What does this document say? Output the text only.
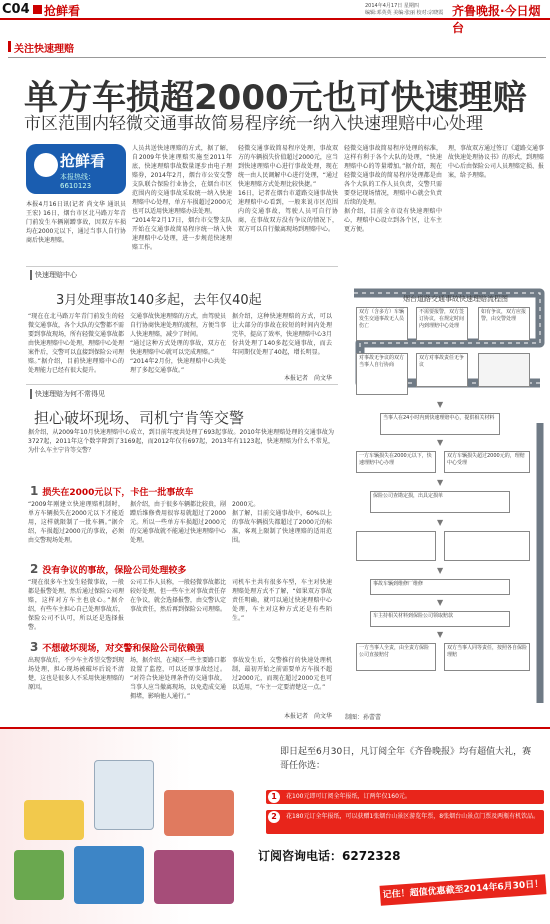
C04 抢鲜看	2014年4月17日 星期四
编辑:邓英英 美编:张丽 校对:宗晓霞 齐鲁晚报·今日烟台
关注快速理赔
单方车损超2000元也可快速理赔
市区范围内轻微交通事故简易程序统一纳入快速理赔中心处理
抢鲜看
本报热线：6610123
本报4月16日讯(记者 尚文华 通讯员 王宏) 16日，烟台市区北马路万年青门前发生车辆剐蹭事故，因双方车损均在2000元以下，通过当事人自行协商后快速理赔。
人员共送快速理赔的方式，据了解，自2009年快速理赔实施至2011年底，快速理赔事故数量逐步由电子理赔券，2014年2月，烟台市公安交警支队联合保险行业协会，在烟台市区范围内的交通事故采取统一纳入快速理赔中心处理，单方车损超过2000元也可以适用快速理赔办法处理。
“2014年2月17日，烟台市交警支队开始在交通事故简易程序统一纳入快速理赔中心处理，进一步规范快速理赔工作。
轻微交通事故简易程序处理，事故双方的车辆损失价值超过2000元，应当到快速理赔中心进行事故处理，现在统一由人民调解中心进行处理，“通过快速理赔方式处理比较快捷。”
16日，记者在烟台市道路交通事故快速理赔中心看到，一般来说市区范围内的交通事故，驾驶人员可自行协商，在事故双方没有争议的情况下，双方可以自行撤离现场到理赔中心。
轻微交通事故简易程序处理的标准，这样有利于各个大队的处理，“快速理赔中心的等量增加。”据介绍，现在轻微交通事故的简易程序处理都是由各个大队的工作人员负责，交警只需要登记现场情况，理赔中心就会负责后续的处理。
据介绍，目前全市设有快速理赔中心，理赔中心设立到各个区，让车主更方便。
理，事故双方通过签订《道路交通事故快速处理协议书》的形式，到理赔中心后由保险公司人员理赔定损、报案，给予理赔。
快速理赔中心
3月处理事故140多起，去年仅40起
“现在在北马路万年青门前发生的轻微交通事故，各个大队的交警都不需要到事故现场，所有轻微交通事故都由快速理赔中心处理，理赔中心处理案件后，交警可以直接到保险公司理赔。”据介绍，目前快速理赔中心的处理能力已经有很大提升。
交通事故快速理赔的方式，由驾驶员自行协商快速处理的流程，方便当事人快速理赔，减少了时间。
“通过这种方式处理的事故，双方在快速理赔中心就可以完成理赔。”
“2014年2月份，快速理赔中心共处理了多起交通事故。”
据介绍，这种快速理赔的方式，可以让大部分的事故在较短的时间内处理完毕，提高了效率，快速理赔中心3月份共处理了140多起交通事故，而去年同期仅处理了40起，增长明显。
本报记者　尚文华
快速理赔为何不常得见
担心破坏现场、司机宁肯等交警
据介绍，从2009年10月快速理赔中心成立，到目前年度共处理了693起事故。2010年快速理赔处理的交通事故为3727起，2011年这个数字降到了3169起，而2012年仅有697起，2013年有1123起，快速理赔为什么不常见，为什么车主宁肯等交警？
1 损失在2000元以下，卡住一批事故车
“2009年刚建立快速理赔机制时，单方车辆损失在2000元以下才能适用，这样就限制了一批车辆。”据介绍，车损超过2000元的事故，必须由交警现场处理。
据介绍，由于很多车辆都比较贵，剐蹭后维修费用很容易就超过了2000元。所以一些单方车损超过2000元的交通事故就不能通过快速理赔中心处理。
2000元。
据了解，目前交通事故中，60%以上的事故车辆损失都超过了2000元的标准，客观上限制了快速理赔的适用范围。
2 没有争议的事故，保险公司处理较多
“现在很多车主发生轻微事故，一般都是报警处理，然后通过保险公司理赔，这样对方车主也放心。”据介绍，有些车主担心自己处理事故后，保险公司不认可，所以还是选择报警。
公司工作人员称，一般轻微事故都比较好处理，但一些车主对事故责任存在争议，就会选择报警，由交警认定事故责任，然后再到保险公司理赔。
司机车主共有很多车型，车主对快速理赔处理方式不了解，“如果双方事故责任明确，就可以通过快速理赔中心处理，车主对这种方式还是有些陌生。”
3 不想破坏现场，对交警和保险公司依赖强
出现事故后，不少车主希望交警到现场处理，担心现场被破坏后说不清楚，这也是很多人不采用快速理赔的原因。
场，据介绍，在城区一些主要路口都设置了监控，可以还原事故经过。 “对符合快速处理条件的交通事故，当事人应当撤离现场，以免造成交通拥堵，影响他人通行。”
事故发生后，交警推行的快速处理机制，最初开始之前需要单方车损不超过2000元，而现在超过2000元也可以适用，“车主一定要清楚这一点。”
本报记者　尚文华
烟台道路交通事故快速理赔流程图
双方（含多方）车辆发生交通事故无人员伤亡
不需要报警，双方签订协议，在规定时间内到理赔中心处理
对事故无争议的双方当事人自行协商
双方对事故责任无争议
如有争议，双方应报警，由交警处理
▼
当事人在24小时内到快速理赔中心，提供相关材料
▼
一方车辆损失在2000元以下，快速理赔中心办理
双方车辆损失超过2000元的，理赔中心受理
▼
保险公司查勘定损，出具定损单
▼
▼
事故车辆到维修厂维修
▼
车主持相关材料到保险公司领取赔款
▼
一方当事人全责，由全责方保险公司直接赔付
双方当事人同等责任，按照各自保险理赔
制图：孙蕾蕾
即日起至6月30日，凡订阅全年《齐鲁晚报》均有超值大礼，赛哥任你选：
1	花100元即可订阅全年报纸，订两年仅160元。
2	花180元订全年报纸，可以获赠1张烟台山景区游览年票，8张烟台山景点门票及两瓶有机饮品。
订阅咨询电话：6272328
记住！超值优惠截至2014年6月30日！
